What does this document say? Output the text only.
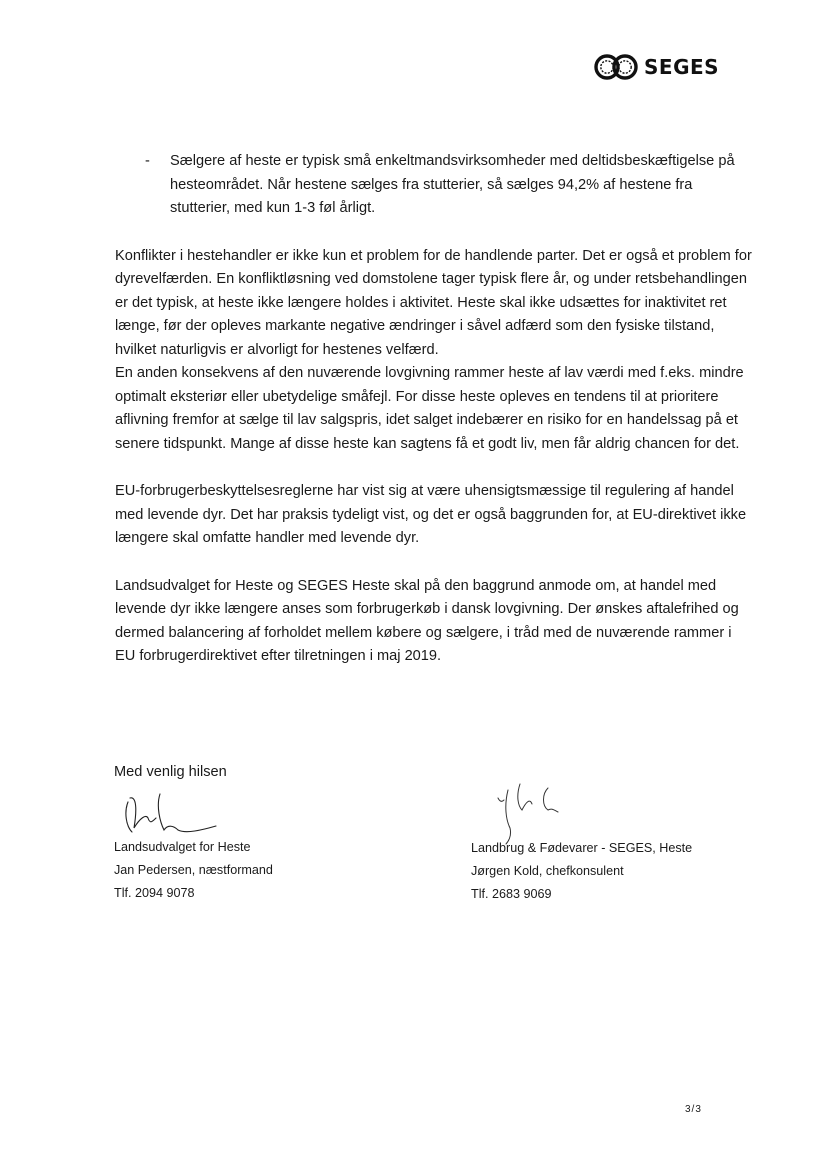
SEGES
-	Sælgere af heste er typisk små enkeltmandsvirksomheder med deltidsbeskæftigelse på hesteområdet. Når hestene sælges fra stutterier, så sælges 94,2% af hestene fra stutterier, med kun 1-3 føl årligt.

Konflikter i hestehandler er ikke kun et problem for de handlende parter. Det er også et problem for dyrevelfærden. En konfliktløsning ved domstolene tager typisk flere år, og under retsbehandlingen er det typisk, at heste ikke længere holdes i aktivitet. Heste skal ikke udsættes for inaktivitet ret længe, før der opleves markante negative ændringer i såvel adfærd som den fysiske tilstand, hvilket naturligvis er alvorligt for hestenes velfærd.

En anden konsekvens af den nuværende lovgivning rammer heste af lav værdi med f.eks. mindre optimalt eksteriør eller ubetydelige småfejl. For disse heste opleves en tendens til at prioritere aflivning fremfor at sælge til lav salgspris, idet salget indebærer en risiko for en handelssag på et senere tidspunkt. Mange af disse heste kan sagtens få et godt liv, men får aldrig chancen for det.

EU-forbrugerbeskyttelsesreglerne har vist sig at være uhensigtsmæssige til regulering af handel med levende dyr. Det har praksis tydeligt vist, og det er også baggrunden for, at EU-direktivet ikke længere skal omfatte handler med levende dyr.

Landsudvalget for Heste og SEGES Heste skal på den baggrund anmode om, at handel med levende dyr ikke længere anses som forbrugerkøb i dansk lovgivning. Der ønskes aftalefrihed og dermed balancering af forholdet mellem købere og sælgere, i tråd med de nuværende rammer i EU forbrugerdirektivet efter tilretningen i maj 2019.

Med venlig hilsen
Landsudvalget for Heste
Jan Pedersen, næstformand
Tlf. 2094 9078
Landbrug & Fødevarer - SEGES, Heste
Jørgen Kold, chefkonsulent
Tlf. 2683 9069
3/3
